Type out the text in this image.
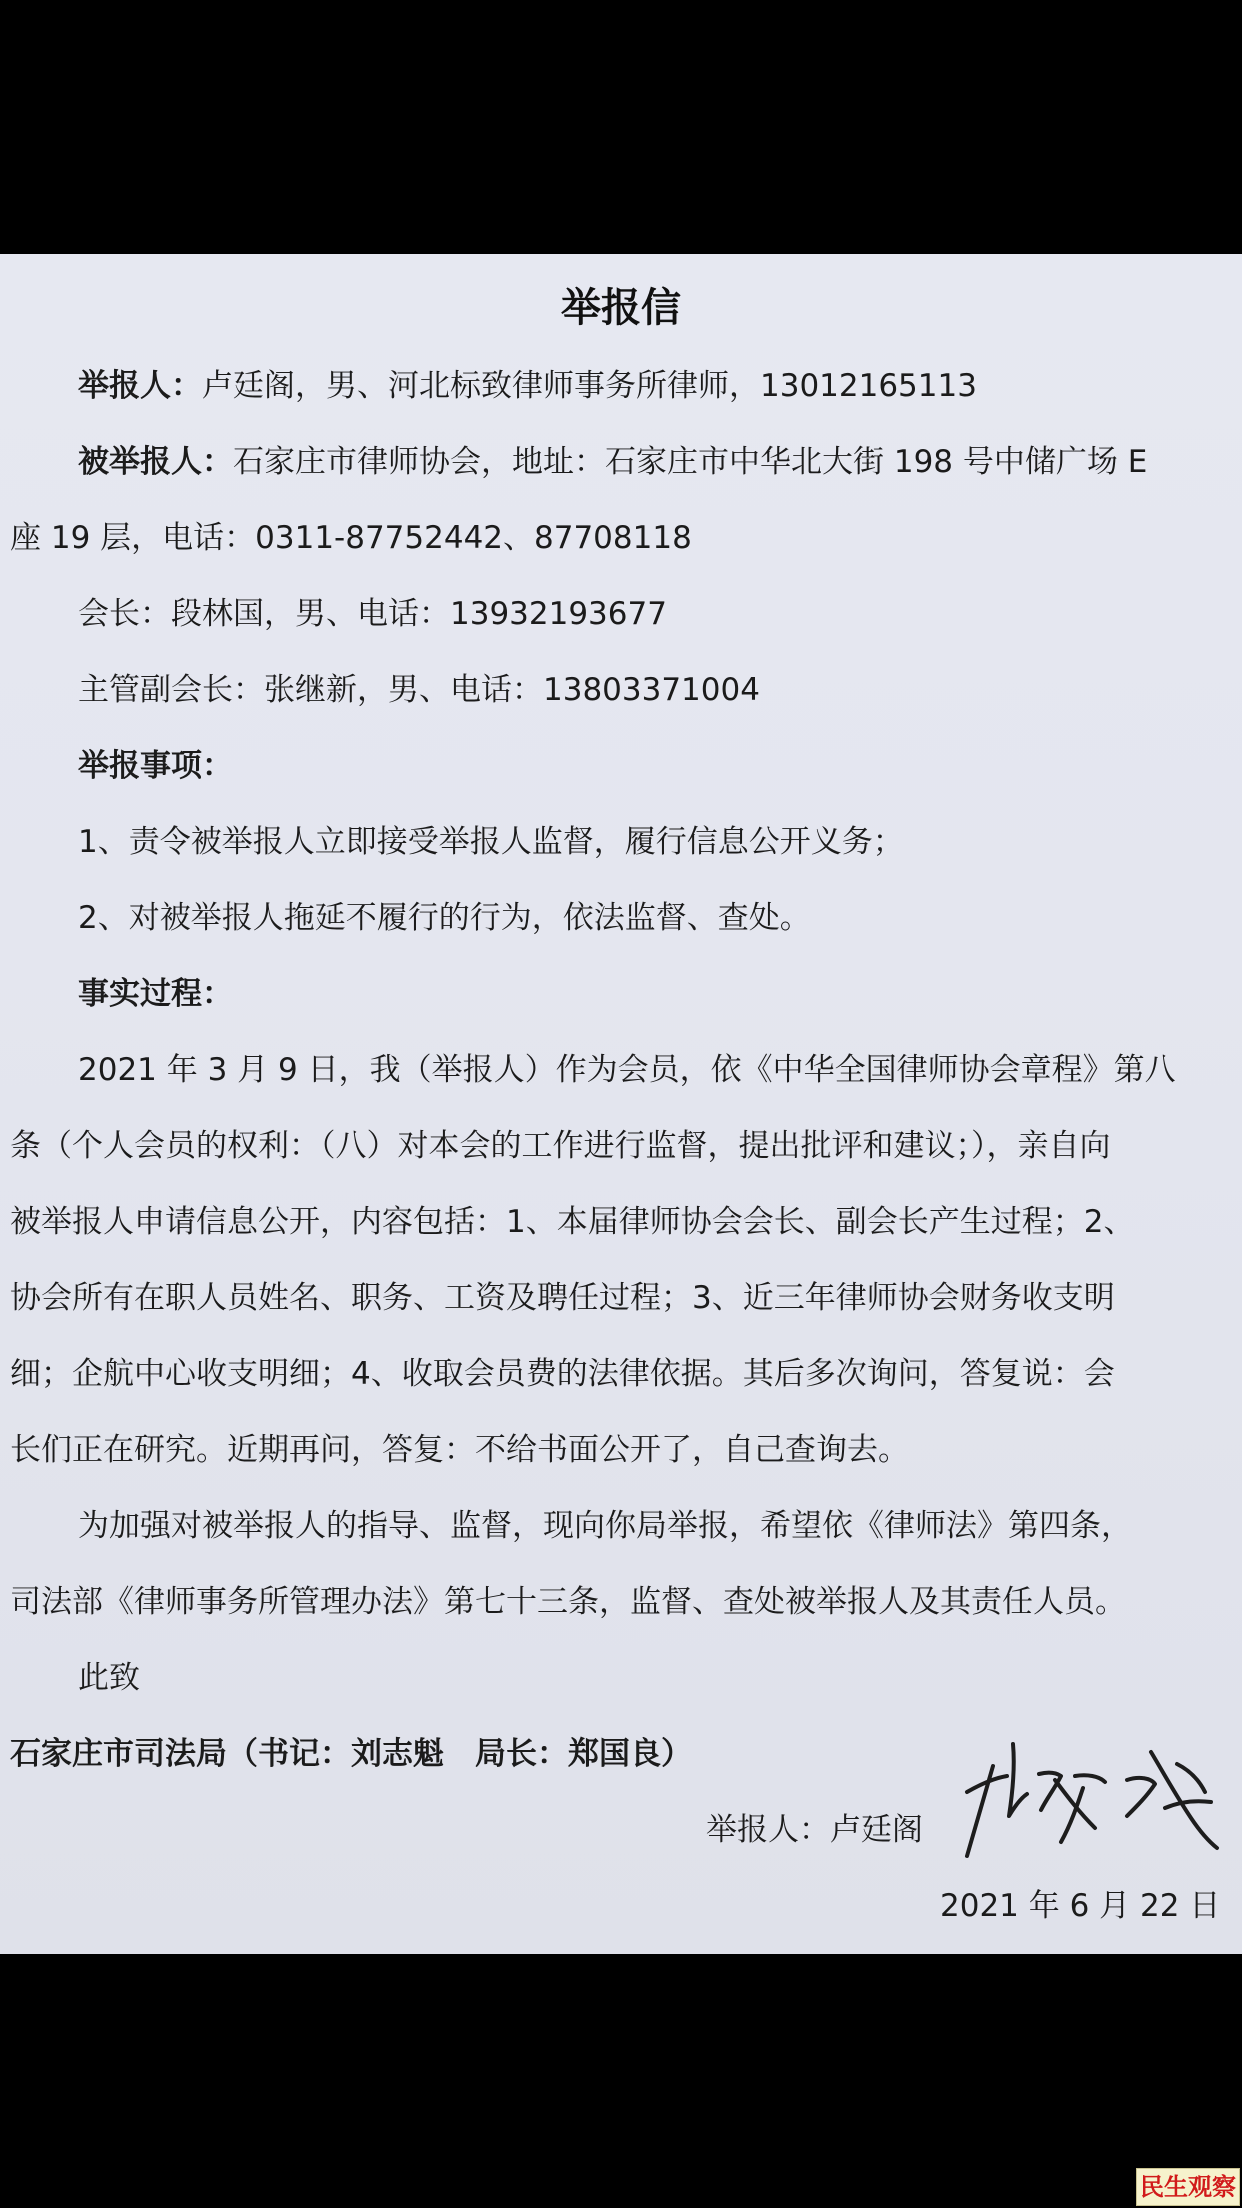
举报信
举报人：卢廷阁，男、河北标致律师事务所律师，13012165113
被举报人：石家庄市律师协会，地址：石家庄市中华北大街 198 号中储广场 E
座 19 层，电话：0311-87752442、87708118
会长：段林国，男、电话：13932193677
主管副会长：张继新，男、电话：13803371004
举报事项：
1、责令被举报人立即接受举报人监督，履行信息公开义务；
2、对被举报人拖延不履行的行为，依法监督、查处。
事实过程：
2021 年 3 月 9 日，我（举报人）作为会员，依《中华全国律师协会章程》第八
条（个人会员的权利：（八）对本会的工作进行监督，提出批评和建议；），亲自向
被举报人申请信息公开，内容包括：1、本届律师协会会长、副会长产生过程；2、
协会所有在职人员姓名、职务、工资及聘任过程；3、近三年律师协会财务收支明
细；企航中心收支明细；4、收取会员费的法律依据。其后多次询问，答复说：会
长们正在研究。近期再问，答复：不给书面公开了，自己查询去。
为加强对被举报人的指导、监督，现向你局举报，希望依《律师法》第四条，
司法部《律师事务所管理办法》第七十三条，监督、查处被举报人及其责任人员。
此致
石家庄市司法局（书记：刘志魁　局长：郑国良）
举报人：卢廷阁
2021 年 6 月 22 日
民生观察
